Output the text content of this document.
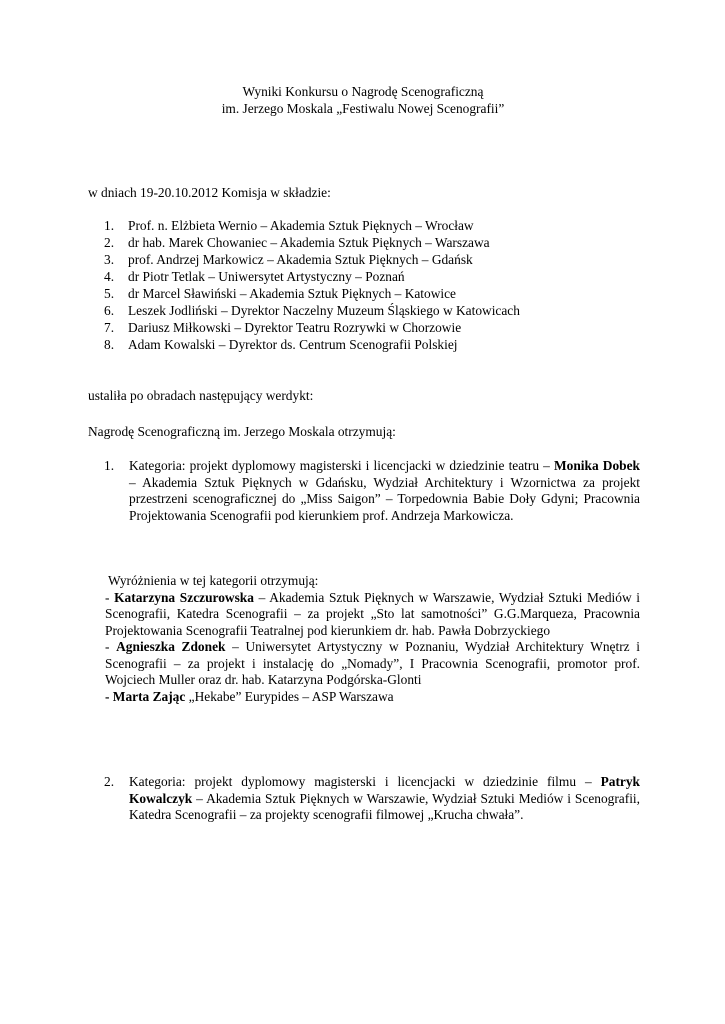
Wyniki Konkursu o Nagrodę Scenograficzną
im. Jerzego Moskala „Festiwalu Nowej Scenografii”
w dniach 19-20.10.2012 Komisja w składzie:
1. Prof. n. Elżbieta Wernio – Akademia Sztuk Pięknych – Wrocław
2. dr hab. Marek Chowaniec – Akademia Sztuk Pięknych – Warszawa
3. prof. Andrzej Markowicz – Akademia Sztuk Pięknych – Gdańsk
4. dr Piotr Tetlak – Uniwersytet Artystyczny – Poznań
5. dr Marcel Sławiński – Akademia Sztuk Pięknych – Katowice
6. Leszek Jodliński – Dyrektor Naczelny Muzeum Śląskiego w Katowicach
7. Dariusz Miłkowski – Dyrektor Teatru Rozrywki w Chorzowie
8. Adam Kowalski – Dyrektor ds. Centrum Scenografii Polskiej
ustaliła po obradach następujący werdykt:
Nagrodę Scenograficzną im. Jerzego Moskala otrzymują:
1. Kategoria: projekt dyplomowy magisterski i licencjacki w dziedzinie teatru – Monika Dobek – Akademia Sztuk Pięknych w Gdańsku, Wydział Architektury i Wzornictwa za projekt przestrzeni scenograficznej do „Miss Saigon” – Torpedownia Babie Doły Gdyni; Pracownia Projektowania Scenografii pod kierunkiem prof. Andrzeja Markowicza.
Wyróżnienia w tej kategorii otrzymują:
- Katarzyna Szczurowska – Akademia Sztuk Pięknych w Warszawie, Wydział Sztuki Mediów i Scenografii, Katedra Scenografii – za projekt „Sto lat samotności” G.G.Marqueza, Pracownia Projektowania Scenografii Teatralnej pod kierunkiem dr. hab. Pawła Dobrzyckiego
- Agnieszka Zdonek – Uniwersytet Artystyczny w Poznaniu, Wydział Architektury Wnętrz i Scenografii – za projekt i instalację do „Nomady”, I Pracownia Scenografii, promotor prof. Wojciech Muller oraz dr. hab. Katarzyna Podgórska-Glonti
- Marta Zając „Hekabe” Eurypides – ASP Warszawa
2. Kategoria: projekt dyplomowy magisterski i licencjacki w dziedzinie filmu – Patryk Kowalczyk – Akademia Sztuk Pięknych w Warszawie, Wydział Sztuki Mediów i Scenografii, Katedra Scenografii – za projekty scenografii filmowej „Krucha chwała”.
